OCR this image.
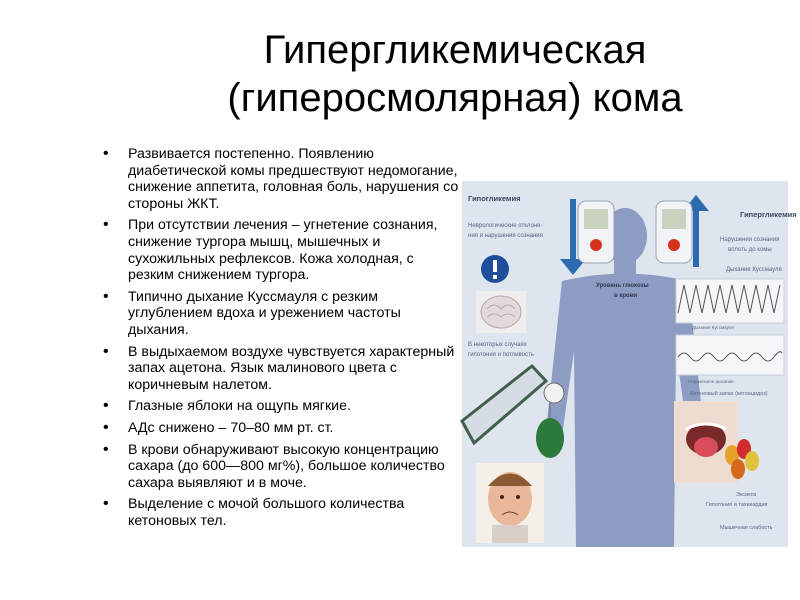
Гипергликемическая
(гиперосмолярная) кома
• Развивается постепенно. Появлению диабетической комы предшествуют недомогание, снижение аппетита, головная боль, нарушения со стороны ЖКТ.
• При отсутствии лечения – угнетение сознания, снижение тургора мышц, мышечных и сухожильных рефлексов. Кожа холодная, с резким снижением тургора.
• Типично дыхание Куссмауля с резким углублением вдоха и урежением частоты дыхания.
• В выдыхаемом воздухе чувствуется характерный запах ацетона. Язык малинового цвета с коричневым налетом.
• Глазные яблоки на ощупь мягкие.
• АДс снижено – 70–80 мм рт. ст.
• В крови обнаруживают высокую концентрацию сахара (до 600—800 мг%), большое количество сахара выявляют и в моче.
• Выделение с мочой большого количества кетоновых тел.
Гипогликемия
Неврологические отклоне-
ния и нарушения сознания
В некоторых случаях
гипотония и потливость
Гипергликемия
Нарушения сознания
вплоть до комы
Дыхание Куссмауля
Дыхание Куссмауля
Нормальное дыхание
Кетоновый запах (кетоацидоз)
Эксикоз
Гипотония и тахикардия
Мышечная слабость
Уровень глюкозы
в крови
